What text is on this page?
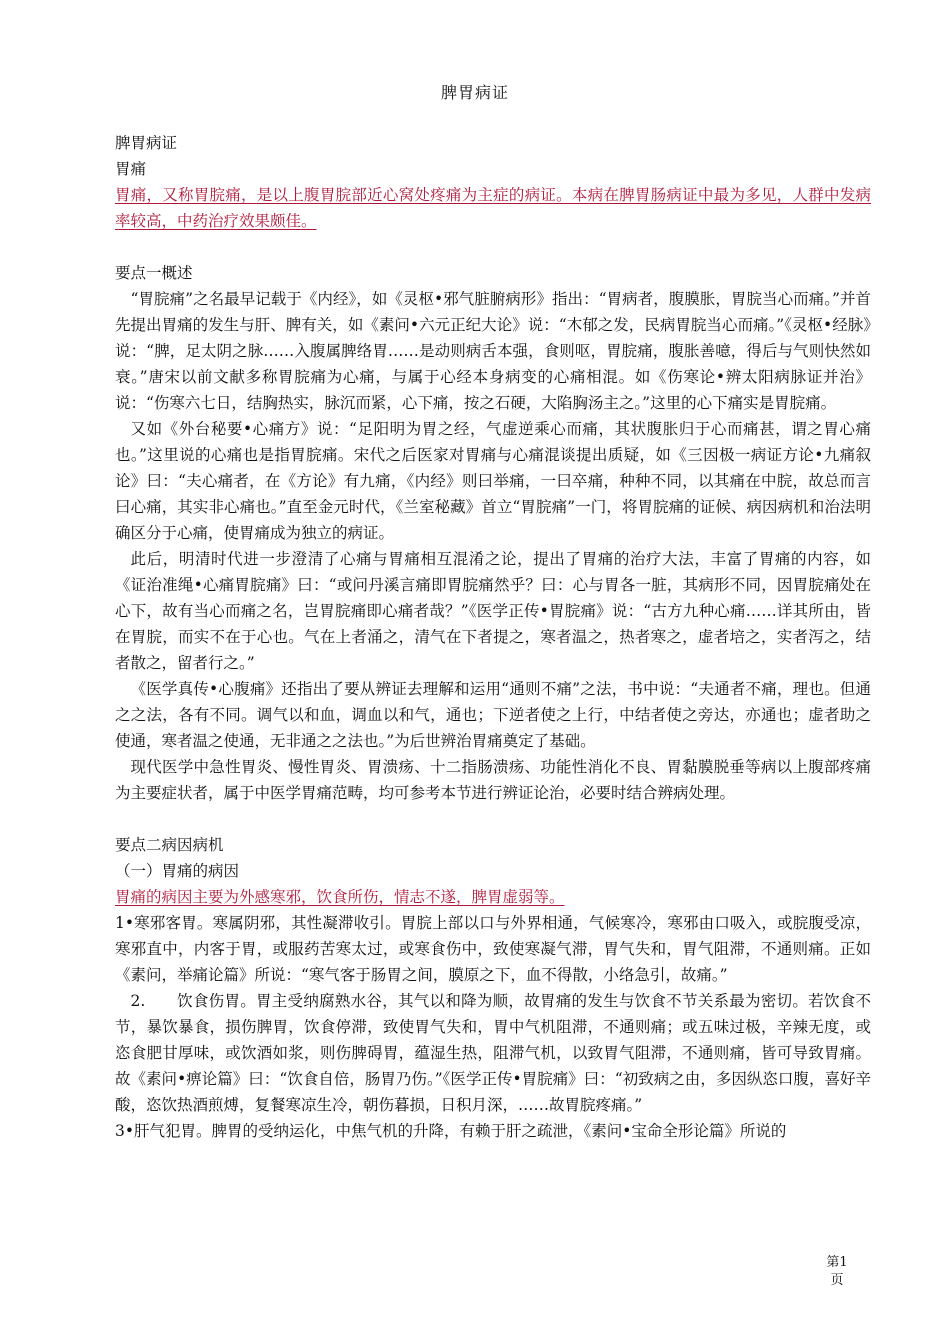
脾胃病证

脾胃病证

胃痛

胃痛，又称胃脘痛，是以上腹胃脘部近心窝处疼痛为主症的病证。本病在脾胃肠病证中最为多见，人群中发病率较高，中药治疗效果颇佳。

要点一概述

“胃脘痛”之名最早记载于《内经》，如《灵枢•邪气脏腑病形》指出：“胃病者，腹膜胀，胃脘当心而痛。”并首先提出胃痛的发生与肝、脾有关，如《素问•六元正纪大论》说：“木郁之发，民病胃脘当心而痛。”《灵枢•经脉》说：“脾，足太阴之脉……入腹属脾络胃……是动则病舌本强，食则呕，胃脘痛，腹胀善噫，得后与气则快然如衰。”唐宋以前文献多称胃脘痛为心痛，与属于心经本身病变的心痛相混。如《伤寒论•辨太阳病脉证并治》说：“伤寒六七日，结胸热实，脉沉而紧，心下痛，按之石硬，大陷胸汤主之。”这里的心下痛实是胃脘痛。

又如《外台秘要•心痛方》说：“足阳明为胃之经，气虚逆乘心而痛，其状腹胀归于心而痛甚，谓之胃心痛也。”这里说的心痛也是指胃脘痛。宋代之后医家对胃痛与心痛混谈提出质疑，如《三因极一病证方论•九痛叙论》曰：“夫心痛者，在《方论》有九痛，《内经》则曰举痛，一曰卒痛，种种不同，以其痛在中脘，故总而言曰心痛，其实非心痛也。”直至金元时代，《兰室秘藏》首立“胃脘痛”一门，将胃脘痛的证候、病因病机和治法明确区分于心痛，使胃痛成为独立的病证。

此后，明清时代进一步澄清了心痛与胃痛相互混淆之论，提出了胃痛的治疗大法，丰富了胃痛的内容，如《证治准绳•心痛胃脘痛》曰：“或问丹溪言痛即胃脘痛然乎？曰：心与胃各一脏，其病形不同，因胃脘痛处在心下，故有当心而痛之名，岂胃脘痛即心痛者哉？”《医学正传•胃脘痛》说：“古方九种心痛……详其所由，皆在胃脘，而实不在于心也。气在上者涌之，清气在下者提之，寒者温之，热者寒之，虚者培之，实者泻之，结者散之，留者行之。”

《医学真传•心腹痛》还指出了要从辨证去理解和运用“通则不痛”之法，书中说：“夫通者不痛，理也。但通之之法，各有不同。调气以和血，调血以和气，通也；下逆者使之上行，中结者使之旁达，亦通也；虚者助之使通，寒者温之使通，无非通之之法也。”为后世辨治胃痛奠定了基础。

现代医学中急性胃炎、慢性胃炎、胃溃疡、十二指肠溃疡、功能性消化不良、胃黏膜脱垂等病以上腹部疼痛为主要症状者，属于中医学胃痛范畴，均可参考本节进行辨证论治，必要时结合辨病处理。

要点二病因病机

（一）胃痛的病因

胃痛的病因主要为外感寒邪，饮食所伤，情志不遂，脾胃虚弱等。

1•寒邪客胃。寒属阴邪，其性凝滞收引。胃脘上部以口与外界相通，气候寒冷，寒邪由口吸入，或脘腹受凉，寒邪直中，内客于胃，或服药苦寒太过，或寒食伤中，致使寒凝气滞，胃气失和，胃气阻滞，不通则痛。正如《素问，举痛论篇》所说：“寒气客于肠胃之间，膜原之下，血不得散，小络急引，故痛。”

2.　　饮食伤胃。胃主受纳腐熟水谷，其气以和降为顺，故胃痛的发生与饮食不节关系最为密切。若饮食不节，暴饮暴食，损伤脾胃，饮食停滞，致使胃气失和，胃中气机阻滞，不通则痛；或五味过极，辛辣无度，或恣食肥甘厚味，或饮酒如浆，则伤脾碍胃，蕴湿生热，阻滞气机，以致胃气阻滞，不通则痛，皆可导致胃痛。故《素问•痹论篇》曰：“饮食自倍，肠胃乃伤。”《医学正传•胃脘痛》曰：“初致病之由，多因纵恣口腹，喜好辛酸，恣饮热酒煎煿，复餐寒凉生冷，朝伤暮损，日积月深，……故胃脘疼痛。”

3•肝气犯胃。脾胃的受纳运化，中焦气机的升降，有赖于肝之疏泄，《素问•宝命全形论篇》所说的

第1页
